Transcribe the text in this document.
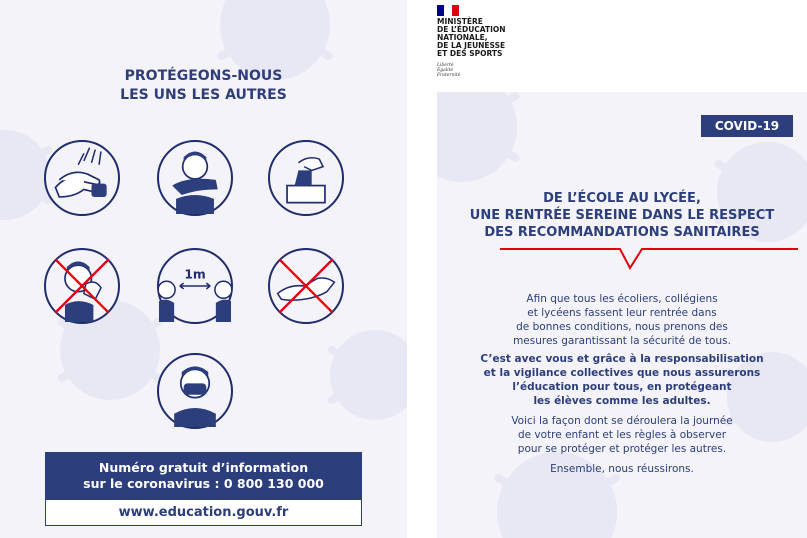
PROTÉGEONS-NOUS
LES UNS LES AUTRES
1m
Numéro gratuit d’information
sur le coronavirus : 0 800 130 000
www.education.gouv.fr
MINISTÈRE
DE L’ÉDUCATION
NATIONALE,
DE LA JEUNESSE
ET DES SPORTS
Liberté
Égalité
Fraternité
COVID-19
DE L’ÉCOLE AU LYCÉE,
UNE RENTRÉE SEREINE DANS LE RESPECT
DES RECOMMANDATIONS SANITAIRES
Afin que tous les écoliers, collégiens
et lycéens fassent leur rentrée dans
de bonnes conditions, nous prenons des
mesures garantissant la sécurité de tous.
C’est avec vous et grâce à la responsabilisation
et la vigilance collectives que nous assurerons
l’éducation pour tous, en protégeant
les élèves comme les adultes.
Voici la façon dont se déroulera la journée
de votre enfant et les règles à observer
pour se protéger et protéger les autres.
Ensemble, nous réussirons.
